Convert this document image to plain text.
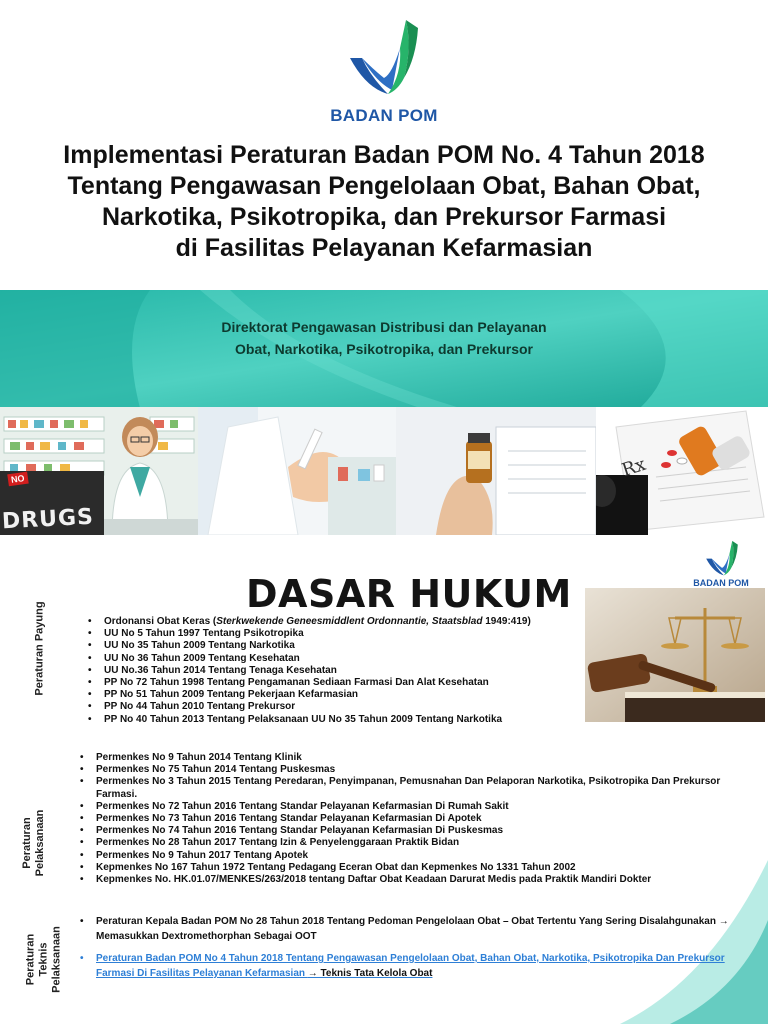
BADAN POM
Implementasi Peraturan Badan POM No. 4 Tahun 2018
Tentang Pengawasan Pengelolaan Obat, Bahan Obat,
Narkotika, Psikotropika, dan Prekursor Farmasi
di Fasilitas Pelayanan Kefarmasian
Direktorat Pengawasan Distribusi dan Pelayanan
Obat, Narkotika, Psikotropika, dan Prekursor
NO
DRUGS
Rx
BADAN POM
DASAR HUKUM
Peraturan Payung
•	Ordonansi Obat Keras (Sterkwekende Geneesmiddlent Ordonnantie, Staatsblad 1949:419)
• UU No 5 Tahun 1997 Tentang Psikotropika
• UU No 35 Tahun 2009 Tentang Narkotika
• UU No 36 Tahun 2009 Tentang Kesehatan
• UU No.36 Tahun 2014 Tentang Tenaga Kesehatan
• PP No 72 Tahun 1998 Tentang Pengamanan Sediaan Farmasi Dan Alat Kesehatan
• PP No 51 Tahun 2009 Tentang Pekerjaan Kefarmasian
• PP No 44 Tahun 2010 Tentang Prekursor
• PP No 40 Tahun 2013 Tentang Pelaksanaan UU No 35 Tahun 2009 Tentang Narkotika
Peraturan Pelaksanaan
• Permenkes No 9 Tahun 2014 Tentang Klinik
• Permenkes No 75 Tahun 2014 Tentang Puskesmas
• Permenkes No 3 Tahun 2015 Tentang Peredaran, Penyimpanan, Pemusnahan Dan Pelaporan Narkotika, Psikotropika Dan Prekursor Farmasi.
• Permenkes No 72 Tahun 2016 Tentang Standar Pelayanan Kefarmasian Di Rumah Sakit
• Permenkes No 73 Tahun 2016 Tentang Standar Pelayanan Kefarmasian Di Apotek
• Permenkes No 74 Tahun 2016 Tentang Standar Pelayanan Kefarmasian Di Puskesmas
• Permenkes No 28 Tahun 2017 Tentang Izin & Penyelenggaraan Praktik Bidan
• Permenkes No 9 Tahun 2017 Tentang Apotek
• Kepmenkes No 167 Tahun 1972 Tentang Pedagang Eceran Obat dan Kepmenkes No 1331 Tahun 2002
• Kepmenkes No. HK.01.07/MENKES/263/2018 tentang Daftar Obat Keadaan Darurat Medis pada Praktik Mandiri Dokter
Peraturan Teknis Pelaksanaan
• Peraturan Kepala Badan POM No 28 Tahun 2018 Tentang Pedoman Pengelolaan Obat – Obat Tertentu Yang Sering Disalahgunakan → Memasukkan Dextromethorphan Sebagai OOT
• Peraturan Badan POM No 4 Tahun 2018 Tentang Pengawasan Pengelolaan Obat, Bahan Obat, Narkotika, Psikotropika Dan Prekursor Farmasi Di Fasilitas Pelayanan Kefarmasian → Teknis Tata Kelola Obat
